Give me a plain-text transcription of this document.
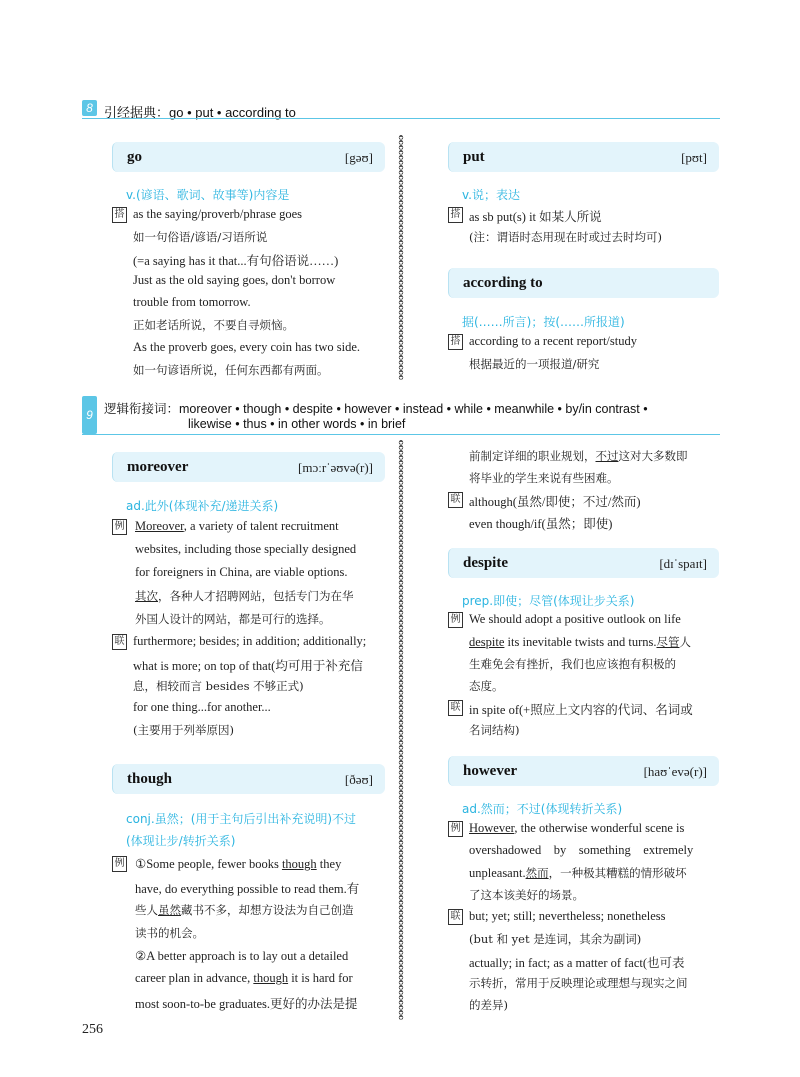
8 引经据典：go • put • according to
go	[gəʊ]
v.(谚语、歌词、故事等)内容是
搭 as the saying/proverb/phrase goes
如一句俗语/谚语/习语所说
(=a saying has it that...有句俗语说……)
Just as the old saying goes, don't borrow
trouble from tomorrow.
正如老话所说，不要自寻烦恼。
As the proverb goes, every coin has two side.
如一句谚语所说，任何东西都有两面。
put	[pʊt]
v.说；表达
搭 as sb put(s) it 如某人所说
(注：谓语时态用现在时或过去时均可)
according to
据(……所言)；按(……所报道)
搭 according to a recent report/study
根据最近的一项报道/研究
9 逻辑衔接词：moreover • though • despite • however • instead • while • meanwhile • by/in contrast •
likewise • thus • in other words • in brief
moreover	[mɔːrˈəʊvə(r)]
ad.此外(体现补充/递进关系)
例 Moreover, a variety of talent recruitment
websites, including those specially designed
for foreigners in China, are viable options.
其次，各种人才招聘网站，包括专门为在华
外国人设计的网站，都是可行的选择。
联 furthermore; besides; in addition; additionally;
what is more; on top of that(均可用于补充信
息，相较而言 besides 不够正式)
for one thing...for another...
(主要用于列举原因)
though	[ðəʊ]
conj.虽然；(用于主句后引出补充说明)不过
(体现让步/转折关系)
例 ①Some people, fewer books though they
have, do everything possible to read them.有
些人虽然藏书不多，却想方设法为自己创造
读书的机会。
②A better approach is to lay out a detailed
career plan in advance, though it is hard for
most soon-to-be graduates.更好的办法是提
前制定详细的职业规划，不过这对大多数即
将毕业的学生来说有些困难。
联 although(虽然/即使；不过/然而)
even though/if(虽然；即使)
despite	[dɪˈspaɪt]
prep.即使；尽管(体现让步关系)
例 We should adopt a positive outlook on life
despite its inevitable twists and turns.尽管人
生难免会有挫折，我们也应该抱有积极的
态度。
联 in spite of(+照应上文内容的代词、名词或
名词结构)
however	[haʊˈevə(r)]
ad.然而；不过(体现转折关系)
例 However, the otherwise wonderful scene is
overshadowed    by    something    extremely
unpleasant.然而，一种极其糟糕的情形破坏
了这本该美好的场景。
联 but; yet; still; nevertheless; nonetheless
(but 和 yet 是连词，其余为副词)
actually; in fact; as a matter of fact(也可表
示转折，常用于反映理论或理想与现实之间
的差异)
256
